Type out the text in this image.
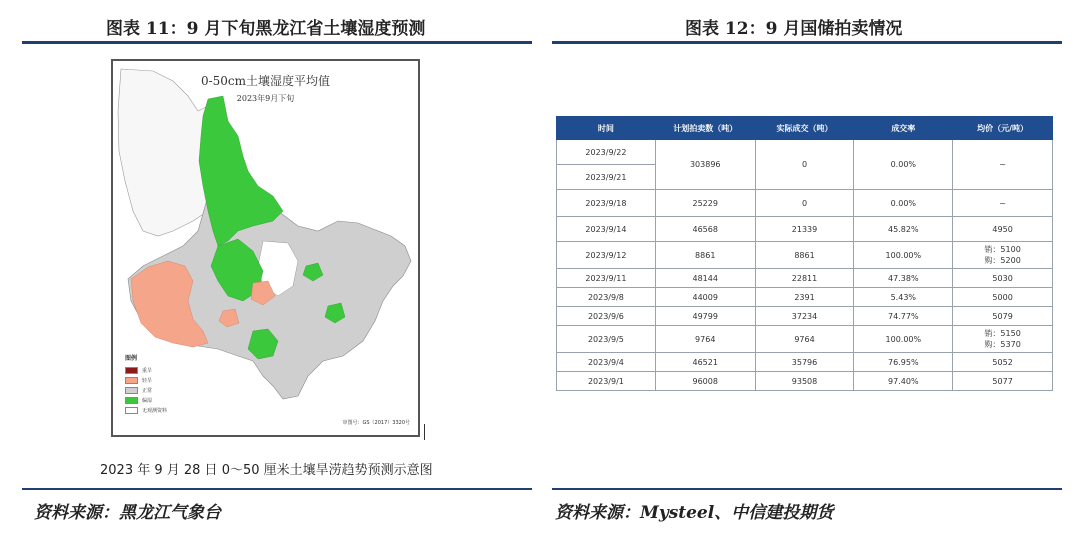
图表 11：9 月下旬黑龙江省土壤湿度预测	图表 12：9 月国储拍卖情况
0-50cm土壤湿度平均值
2023年9月下旬
图例
重旱
轻旱
正常
偏湿
无观测资料
审图号：GS（2017）3320号
2023 年 9 月 28 日 0～50 厘米土壤旱涝趋势预测示意图
时间	计划拍卖数（吨）	实际成交（吨）	成交率	均价（元/吨）
2023/9/22	303896	0	0.00%	~
2023/9/21				
2023/9/18	25229	0	0.00%	~
2023/9/14	46568	21339	45.82%	4950
2023/9/12	8861	8861	100.00%	销：5100
购：5200

2023/9/11	48144	22811	47.38%	5030
2023/9/8	44009	2391	5.43%	5000
2023/9/6	49799	37234	74.77%	5079
2023/9/5	9764	9764	100.00%	销：5150
购：5370

2023/9/4	46521	35796	76.95%	5052
2023/9/1	96008	93508	97.40%	5077
资料来源：黑龙江气象台	资料来源：Mysteel、中信建投期货
